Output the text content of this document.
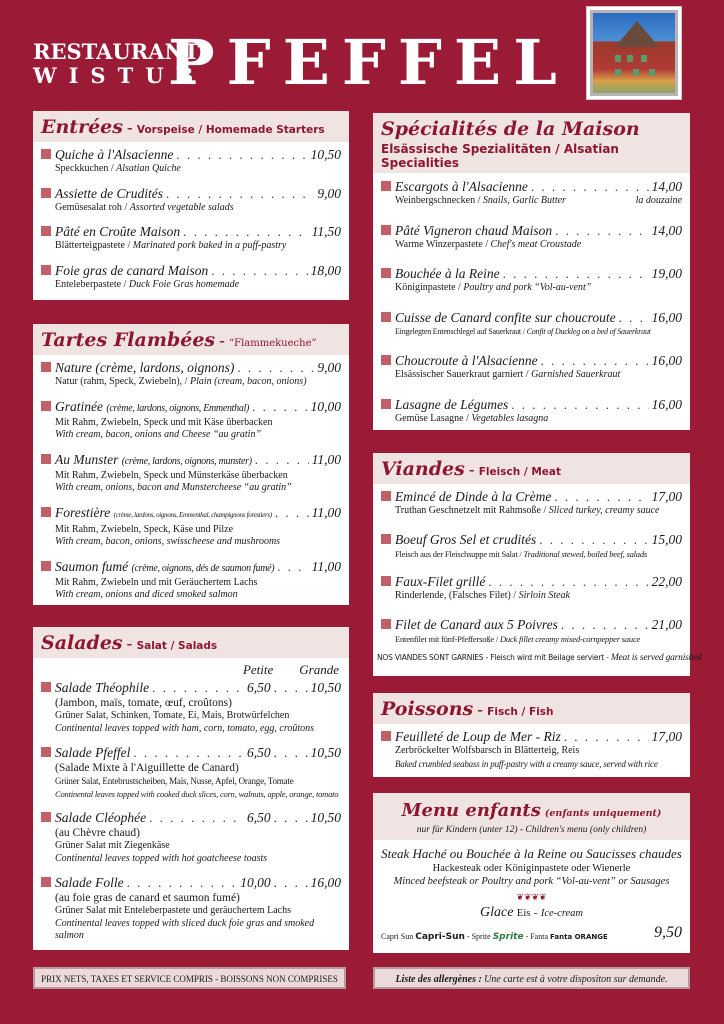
RESTAURANT
WISTUB
PFEFFEL
Entrées - Vorspeise / Homemade Starters
Quiche à l'Alsacienne . . .	10,50
Speckkuchen / Alsatian Quiche
Assiette de Crudités . . .	9,00
Gemüsesalat roh / Assorted vegetable salads
Pâté en Croûte Maison . . .	11,50
Blätterteigpastete / Marinated pork baked in a puff-pastry
Foie gras de canard Maison . . .	18,00
Enteleberpastete / Duck Foie Gras homemade
Tartes Flambées - “Flammekueche”
Nature (crème, lardons, oignons) . . .	9,00
Natur (rahm, Speck, Zwiebeln), / Plain (cream, bacon, onions)
Gratinée (crème, lardons, oignons, Emmenthal) . . .	10,00
Mit Rahm, Zwiebeln, Speck und mit Käse überbacken
With cream, bacon, onions and Cheese “au gratin”
Au Munster (crème, lardons, oignons, munster) . . .	11,00
Mit Rahm, Zwiebeln, Speck und Münsterkäse überbacken
With cream, onions, bacon and Munstercheese “au gratin”
Forestière (crème, lardons, oignons, Emmenthal, champignons forestiers) . . .	11,00
Mit Rahm, Zwiebeln, Speck, Käse und Pilze
With cream, bacon, onions, swisscheese and mushrooms
Saumon fumé (crème, oignons, dés de saumon fumé) . . .	11,00
Mit Rahm, Zwiebeln und mit Geräuchertem Lachs
With cream, onions and diced smoked salmon
Salades - Salat / Salads
Petite Grande
Salade Théophile . . .	6,50 . . .	10,50
(Jambon, maïs, tomate, œuf, croûtons)
Grüner Salat, Schinken, Tomate, Ei, Mais, Brotwürfelchen
Continental leaves topped with ham, corn, tomato, egg, croûtons
Salade Pfeffel . . .	6,50 . . .	10,50
(Salade Mixte à l'Aiguillette de Canard)
Grüner Salat, Entebrustscheiben, Maïs, Nusse, Apfel, Orange, Tomate
Continental leaves topped with cooked duck slices, corn, walnuts, apple, orange, tomato
Salade Cléophée . . .	6,50 . . .	10,50
(au Chèvre chaud)
Grüner Salat mit Ziegenkäse
Continental leaves topped with hot goatcheese toasts
Salade Folle . . .	10,00 . . .	16,00
(au foie gras de canard et saumon fumé)
Grüner Salat mit Enteleberpastete und geräuchertem Lachs
Continental leaves topped with sliced duck foie gras and smoked salmon
Spécialités de la Maison
Elsässische Spezialitäten / Alsatian Specialities
Escargots à l'Alsacienne . . .	14,00
Weinbergschnecken / Snails, Garlic Butter	la douzaine
Pâté Vigneron chaud Maison . . .	14,00
Warme Winzerpastete / Chef's meat Croustade
Bouchée à la Reine . . .	19,00
Königinpastete / Poultry and pork “Vol-au-vent”
Cuisse de Canard confite sur choucroute . . .	16,00
Eingelegten Entenschlegel auf Sauerkraut / Confit of Duckleg on a bed of Sauerkraut
Choucroute à l'Alsacienne . . .	16,00
Elsässischer Sauerkraut garniert / Garnished Sauerkraut
Lasagne de Légumes . . .	16,00
Gemüse Lasagne / Vegetables lasagna
Viandes - Fleisch / Meat
Emincé de Dinde à la Crème . . .	17,00
Truthan Geschnetzelt mit Rahmsoße / Sliced turkey, creamy sauce
Boeuf Gros Sel et crudités . . .	15,00
Fleisch aus der Fleischsuppe mit Salat / Traditional stewed, boiled beef, salads
Faux-Filet grillé . . .	22,00
Rinderlende, (Falsches Filet) / Sirloin Steak
Filet de Canard aux 5 Poivres . . .	21,00
Entenfilet mit fünf-Pfeffersoße / Duck fillet creamy mixed-cornpepper sauce
NOS VIANDES SONT GARNIES - Fleisch wird mit Beilage serviert - Meat is served garnished
Poissons - Fisch / Fish
Feuilleté de Loup de Mer - Riz . . .	17,00
Zerbröckelter Wolfsbarsch in Blätterteig, Reis
Baked crumbled seabass in puff-pastry with a creamy sauce, served with rice
Menu enfants (enfants uniquement)
nur für Kindern (unter 12) - Children's menu (only children)
Steak Haché ou Bouchée à la Reine ou Saucisses chaudes
Hackesteak oder Königinpastete oder Wienerle
Minced beefsteak or Poultry and pork “Vol-au-vent” or Sausages
❦❦❦❦
Glace Eis - Ice-cream
Capri Sun Capri-Sun - Sprite Sprite - Fanta Fanta ORANGE	9,50
PRIX NETS, TAXES ET SERVICE COMPRIS - BOISSONS NON COMPRISES	Liste des allergènes : Une carte est à votre dispositon sur demande.
